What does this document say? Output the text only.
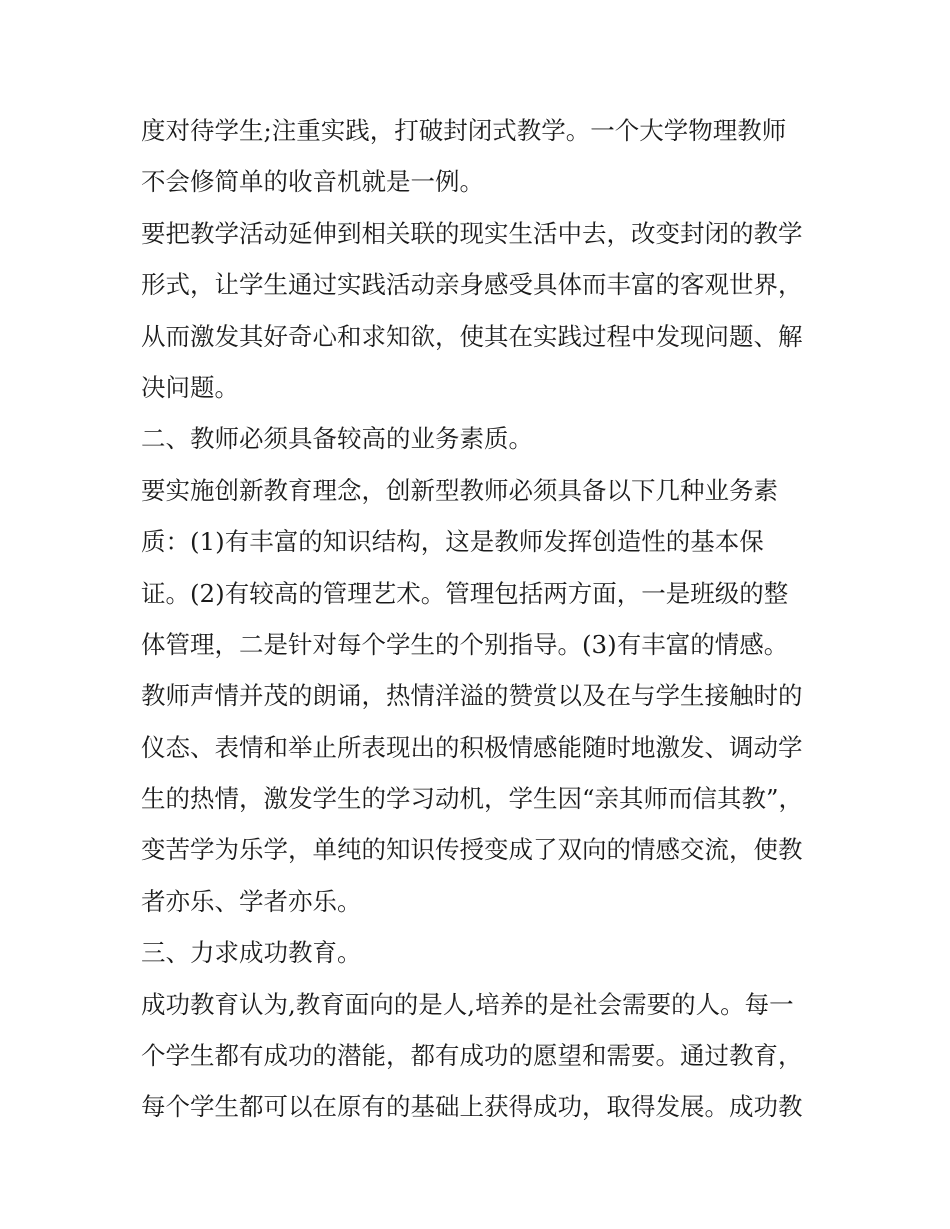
度对待学生;注重实践，打破封闭式教学。一个大学物理教师
不会修简单的收音机就是一例。
要把教学活动延伸到相关联的现实生活中去，改变封闭的教学
形式，让学生通过实践活动亲身感受具体而丰富的客观世界，
从而激发其好奇心和求知欲，使其在实践过程中发现问题、解
决问题。
二、教师必须具备较高的业务素质。
要实施创新教育理念，创新型教师必须具备以下几种业务素
质：(1)有丰富的知识结构，这是教师发挥创造性的基本保
证。(2)有较高的管理艺术。管理包括两方面，一是班级的整
体管理，二是针对每个学生的个别指导。(3)有丰富的情感。
教师声情并茂的朗诵，热情洋溢的赞赏以及在与学生接触时的
仪态、表情和举止所表现出的积极情感能随时地激发、调动学
生的热情，激发学生的学习动机，学生因“亲其师而信其教”，
变苦学为乐学，单纯的知识传授变成了双向的情感交流，使教
者亦乐、学者亦乐。
三、力求成功教育。
成功教育认为,教育面向的是人,培养的是社会需要的人。每一
个学生都有成功的潜能，都有成功的愿望和需要。通过教育，
每个学生都可以在原有的基础上获得成功，取得发展。成功教
